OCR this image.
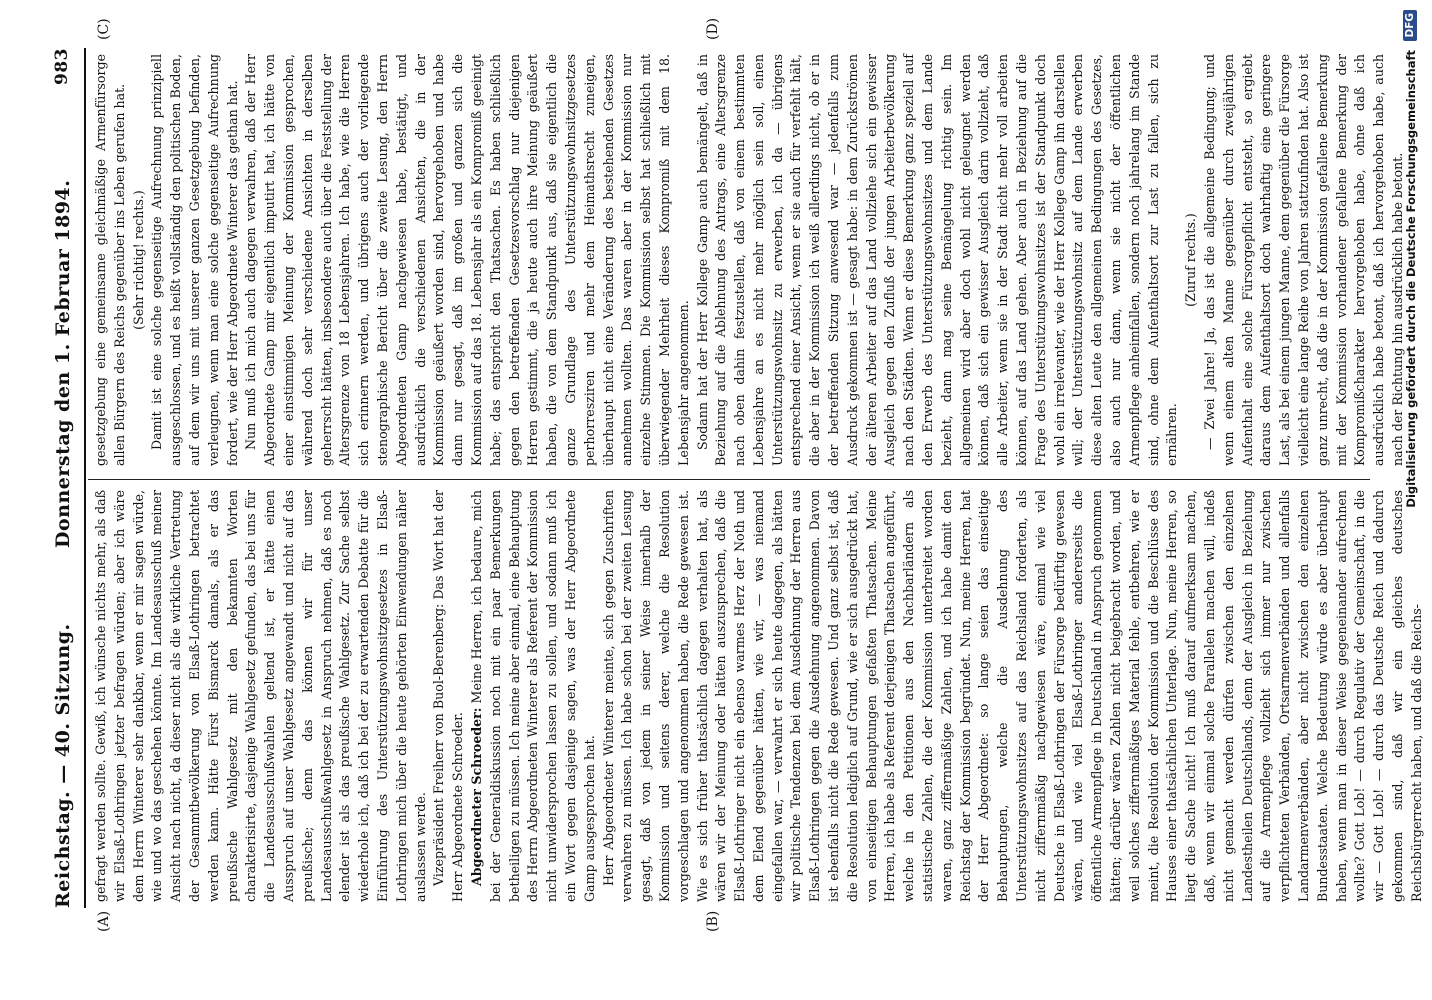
Reichstag. — 40. Sitzung.
Donnerstag den 1. Februar 1894.
983
(A)	(B)
(C)	(D)

gefragt werden sollte. Gewiß, ich wünsche nichts mehr, als daß wir Elsaß-Lothringen jetzter befragen würden; aber ich wäre dem Herrn Winterer sehr dankbar, wenn er mir sagen würde, wie und wo das geschehen könnte. Im Landesausschuß meiner Ansicht nach nicht, da dieser nicht als die wirkliche Vertretung der Gesammtbevölkerung von Elsaß-Lothringen betrachtet werden kann. Hätte Fürst Bismarck damals, als er das preußische Wahlgesetz mit den bekannten Worten charakterisirte, dasjenige Wahlgesetz gefunden, das bei uns für die Landesausschußwahlen geltend ist, er hätte einen Ausspruch auf unser Wahlgesetz angewandt und nicht auf das preußische; denn das können wir für unser Landesausschußwahlgesetz in Anspruch nehmen, daß es noch elender ist als das preußische Wahlgesetz. Zur Sache selbst wiederhole ich, daß ich bei der zu erwartenden Debatte für die Einführung des Unterstützungswohnsitzgesetzes in Elsaß-Lothringen mich über die heute gehörten Einwendungen näher auslassen werde. Vizepräsident Freiherr von Buol-Berenberg: Das Wort hat der Herr Abgeordnete Schroeder. Abgeordneter Schroeder: Meine Herren, ich bedaure, mich bei der Generaldiskussion noch mit ein paar Bemerkungen betheiligen zu müssen. Ich meine aber einmal, eine Behauptung des Herrn Abgeordneten Winterer als Referent der Kommission nicht unwidersprochen lassen zu sollen, und sodann muß ich ein Wort gegen dasjenige sagen, was der Herr Abgeordnete Gamp ausgesprochen hat. Herr Abgeordneter Winterer meinte, sich gegen Zuschriften verwahren zu müssen. Ich habe schon bei der zweiten Lesung gesagt, daß von jedem in seiner Weise innerhalb der Kommission und seitens derer, welche die Resolution vorgeschlagen und angenommen haben, die Rede gewesen ist. Wie es sich früher thatsächlich dagegen verhalten hat, als wären wir der Meinung oder hätten auszusprechen, daß die Elsaß-Lothringer nicht ein ebenso warmes Herz der Noth und dem Elend gegenüber hätten, wie wir, — was niemand eingefallen war, — verwahrt er sich heute dagegen, als hätten wir politische Tendenzen bei dem Ausdehnung der Herren aus Elsaß-Lothringen gegen die Ausdehnung angenommen. Davon ist ebenfalls nicht die Rede gewesen. Und ganz selbst ist, daß die Resolution lediglich auf Grund, wie er sich ausgedrückt hat, von einseitigen Behauptungen gefaßten Thatsachen. Meine Herren, ich habe als Referent derjenigen Thatsachen angeführt, welche in den Petitionen aus den Nachbarländern als statistische Zahlen, die der Kommission unterbreitet worden waren, ganz ziffernmäßige Zahlen, und ich habe damit den Reichstag der Kommission begründet. Nun, meine Herren, hat der Herr Abgeordnete: so lange seien das einseitige Behauptungen, welche die Ausdehnung des Unterstützungswohnsitzes auf das Reichsland forderten, als nicht ziffernmäßig nachgewiesen wäre, einmal wie viel Deutsche in Elsaß-Lothringen der Fürsorge bedürftig gewesen wären, und wie viel Elsaß-Lothringer andererseits die öffentliche Armenpflege in Deutschland in Anspruch genommen hätten; darüber wären Zahlen nicht beigebracht worden, und weil solches ziffernmäßiges Material fehle, entbehren, wie er meint, die Resolution der Kommission und die Beschlüsse des Hauses einer thatsächlichen Unterlage. Nun, meine Herren, so liegt die Sache nicht! Ich muß darauf aufmerksam machen, daß, wenn wir einmal solche Parallelen machen will, indeß nicht gemacht werden dürfen zwischen den einzelnen Landestheilen Deutschlands, denn der Ausgleich in Beziehung auf die Armenpflege vollzieht sich immer nur zwischen verpflichteten Verbänden, Ortsarmenverbänden und allenfalls Landarmenverbänden, aber nicht zwischen den einzelnen Bundesstaaten. Welche Bedeutung würde es aber überhaupt haben, wenn man in dieser Weise gegeneinander aufrechnen wollte? Gott Lob! — durch Regulativ der Gemeinschaft, in die wir — Gott Lob! — durch das Deutsche Reich und dadurch gekommen sind, daß wir ein gleiches deutsches Reichsbürgerrecht haben, und daß die Reichs-

gesetzgebung eine gemeinsame gleichmäßige Armenfürsorge allen Bürgern des Reichs gegenüber ins Leben gerufen hat. (Sehr richtig! rechts.) Damit ist eine solche gegenseitige Aufrechnung prinzipiell ausgeschlossen, und es heißt vollständig den politischen Boden, auf dem wir uns mit unserer ganzen Gesetzgebung befinden, verleugnen, wenn man eine solche gegenseitige Aufrechnung fordert, wie der Herr Abgeordnete Winterer das gethan hat. Nun muß ich mich auch dagegen verwahren, daß der Herr Abgeordnete Gamp mir eigentlich imputirt hat, ich hätte von einer einstimmigen Meinung der Kommission gesprochen, während doch sehr verschiedene Ansichten in derselben geherrscht hätten, insbesondere auch über die Feststellung der Altersgrenze von 18 Lebensjahren. Ich habe, wie die Herren sich erinnern werden, und übrigens auch der vorliegende stenographische Bericht über die zweite Lesung, den Herrn Abgeordneten Gamp nachgewiesen habe, bestätigt, und ausdrücklich die verschiedenen Ansichten, die in der Kommission geäußert worden sind, hervorgehoben und habe dann nur gesagt, daß im großen und ganzen sich die Kommission auf das 18. Lebensjahr als ein Kompromiß geeinigt habe; das entspricht den Thatsachen. Es haben schließlich gegen den betreffenden Gesetzesvorschlag nur diejenigen Herren gestimmt, die ja heute auch ihre Meinung geäußert haben, die von dem Standpunkt aus, daß sie eigentlich die ganze Grundlage des Unterstützungswohnsitzgesetzes perhorresziren und mehr dem Heimathsrecht zuneigen, überhaupt nicht eine Veränderung des bestehenden Gesetzes annehmen wollten. Das waren aber in der Kommission nur einzelne Stimmen. Die Kommission selbst hat schließlich mit überwiegender Mehrheit dieses Kompromiß mit dem 18. Lebensjahr angenommen. Sodann hat der Herr Kollege Gamp auch bemängelt, daß in Beziehung auf die Ablehnung des Antrags, eine Altersgrenze nach oben dahin festzustellen, daß von einem bestimmten Lebensjahre an es nicht mehr möglich sein soll, einen Unterstützungswohnsitz zu erwerben, ich da — übrigens entsprechend einer Ansicht, wenn er sie auch für verfehlt hält, die aber in der Kommission ich weiß allerdings nicht, ob er in der betreffenden Sitzung anwesend war — jedenfalls zum Ausdruck gekommen ist — gesagt habe: in dem Zurückströmen der älteren Arbeiter auf das Land vollziehe sich ein gewisser Ausgleich gegen den Zufluß der jungen Arbeiterbevölkerung nach den Städten. Wenn er diese Bemerkung ganz speziell auf den Erwerb des Unterstützungswohnsitzes und dem Lande bezieht, dann mag seine Bemängelung richtig sein. Im allgemeinen wird aber doch wohl nicht geleugnet werden können, daß sich ein gewisser Ausgleich darin vollzieht, daß alle Arbeiter, wenn sie in der Stadt nicht mehr voll arbeiten können, auf das Land gehen. Aber auch in Beziehung auf die Frage des Unterstützungswohnsitzes ist der Standpunkt doch wohl ein irrelevanter, wie der Herr Kollege Gamp ihn darstellen will; der Unterstützungswohnsitz auf dem Lande erwerben diese alten Leute den allgemeinen Bedingungen des Gesetzes, also auch nur dann, wenn sie nicht der öffentlichen Armenpflege anheimfallen, sondern noch jahrelang im Stande sind, ohne dem Aufenthaltsort zur Last zu fallen, sich zu ernähren.

(Zuruf rechts.) — Zwei Jahre! Ja, das ist die allgemeine Bedingung; und wenn einem alten Manne gegenüber durch zweijährigen Aufenthalt eine solche Fürsorgepflicht entsteht, so ergiebt daraus dem Aufenthaltsort doch wahrhaftig eine geringere Last, als bei einem jungen Manne, dem gegenüber die Fürsorge vielleicht eine lange Reihe von Jahren stattzufinden hat. Also ist ganz unrecht, daß die in der Kommission gefallene Bemerkung mit der Kommission vorhandener gefallene Bemerkung der Kompromißcharakter hervorgehoben habe, ohne daß ich ausdrücklich habe betont, daß ich hervorgehoben habe, auch nach der Richtung hin ausdrücklich habe betont. Digitalisierung gefördert durch die Deutsche Forschungsgemeinschaft
DFG
